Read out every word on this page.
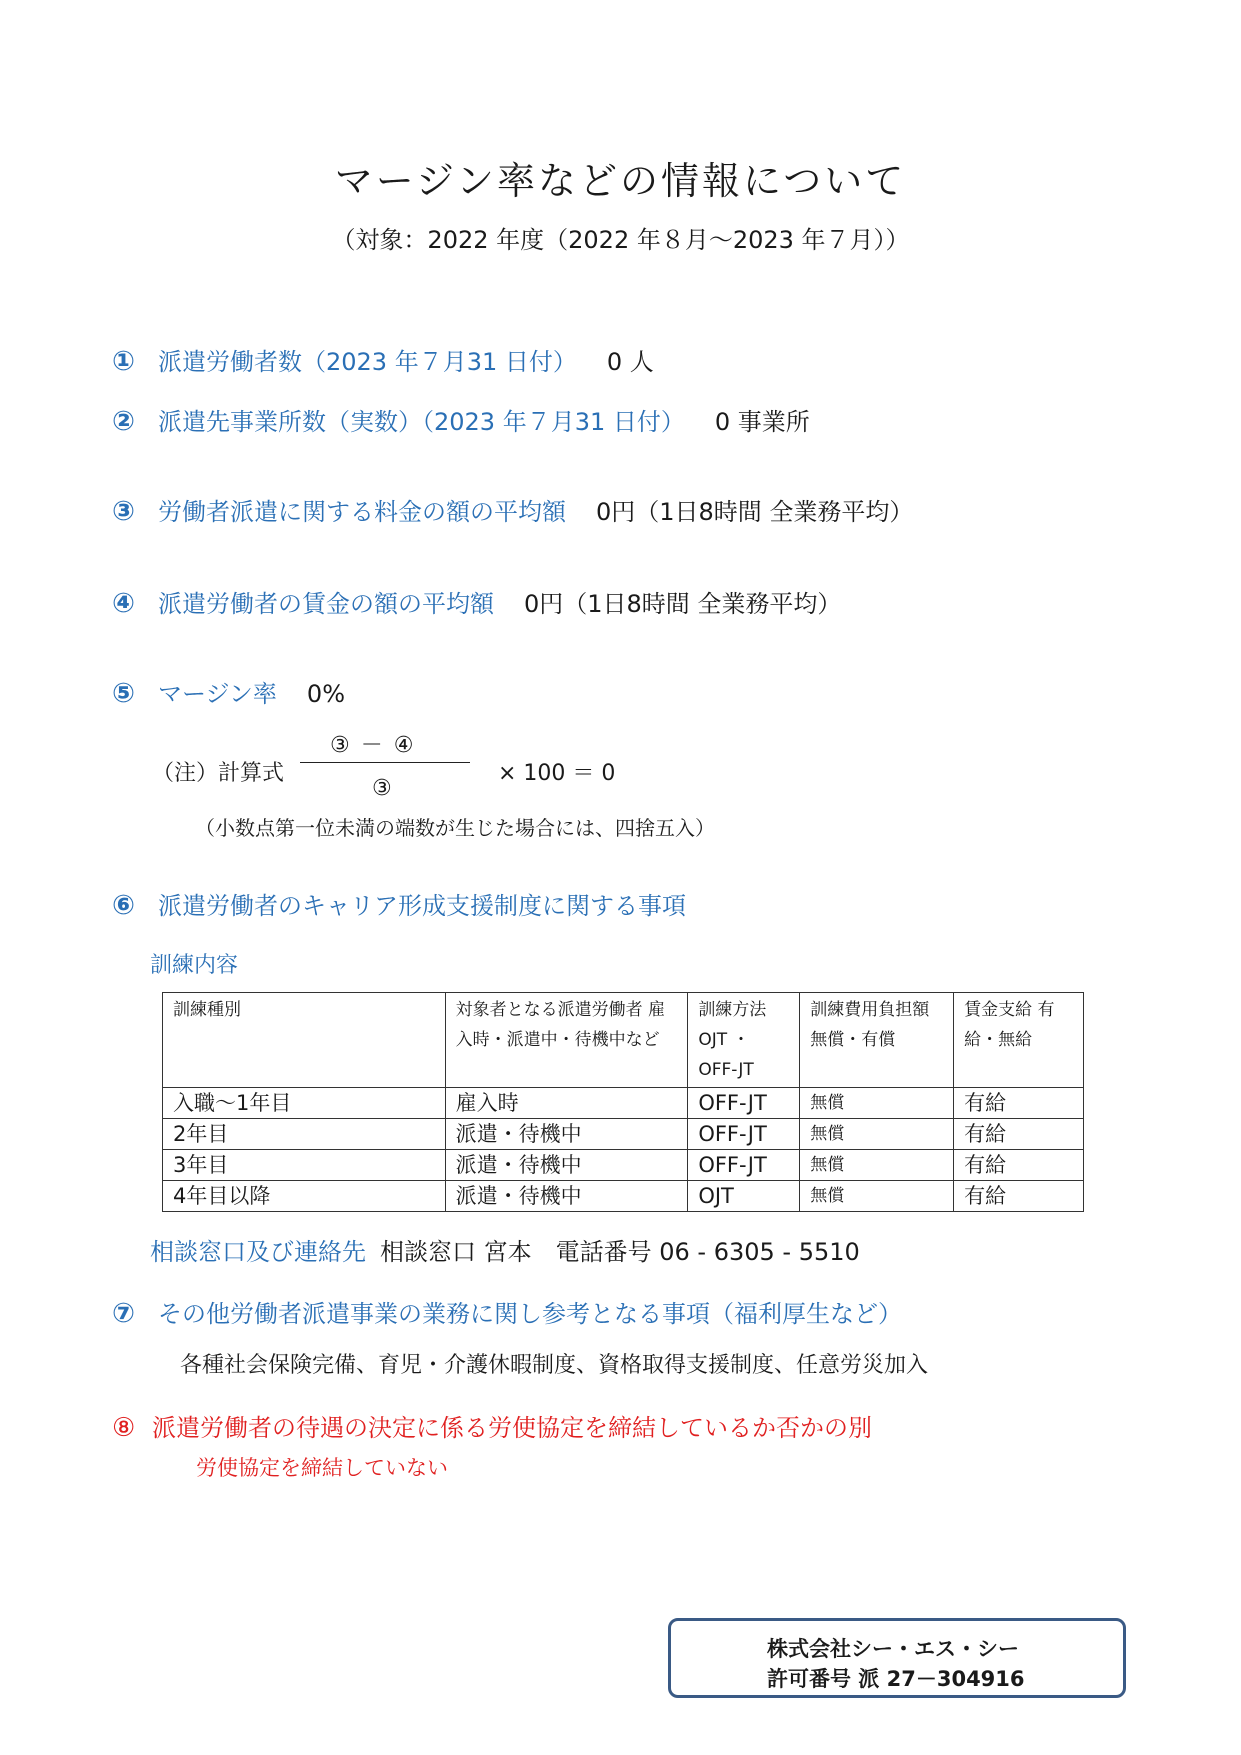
マージン率などの情報について
（対象：2022 年度（2022 年８月～2023 年７月））
① 派遣労働者数（2023 年７月31 日付） 0 人
② 派遣先事業所数（実数）（2023 年７月31 日付） 0 事業所
③ 労働者派遣に関する料金の額の平均額 0円（1日8時間 全業務平均）
④ 派遣労働者の賃金の額の平均額 0円（1日8時間 全業務平均）
⑤ マージン率 0%
（注）計算式
③ － ④
③
× 100 ＝ 0
（小数点第一位未満の端数が生じた場合には、四捨五入）
⑥ 派遣労働者のキャリア形成支援制度に関する事項
訓練内容
訓練種別	対象者となる派遣労働者 雇入時・派遣中・待機中など	訓練方法 OJT ・ OFF-JT	訓練費用負担額 無償・有償	賃金支給 有給・無給
入職～1年目	雇入時	OFF-JT	無償	有給
2年目	派遣・待機中	OFF-JT	無償	有給
3年目	派遣・待機中	OFF-JT	無償	有給
4年目以降	派遣・待機中	OJT	無償	有給
相談窓口及び連絡先 相談窓口 宮本　電話番号 06 - 6305 - 5510
⑦ その他労働者派遣事業の業務に関し参考となる事項（福利厚生など）
各種社会保険完備、育児・介護休暇制度、資格取得支援制度、任意労災加入
⑧ 派遣労働者の待遇の決定に係る労使協定を締結しているか否かの別
労使協定を締結していない
株式会社シー・エス・シー
許可番号 派 27－304916
